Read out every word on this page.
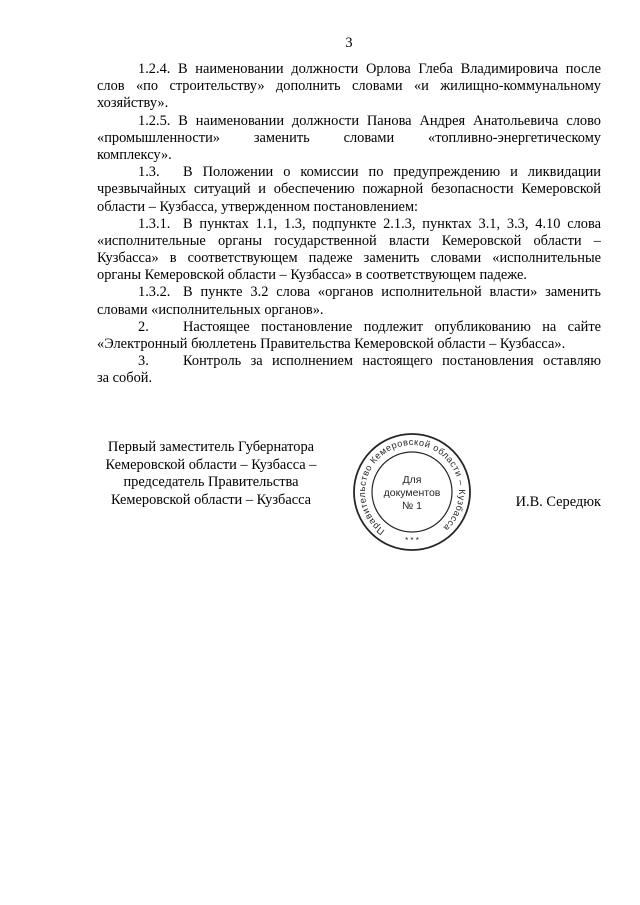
3
1.2.4. В наименовании должности Орлова Глеба Владимировича после
слов «по строительству» дополнить словами «и жилищно-коммунальному
хозяйству».
1.2.5. В наименовании должности Панова Андрея Анатольевича слово
«промышленности» заменить словами «топливно-энергетическому
комплексу».
1.3.	В Положении о комиссии по предупреждению и ликвидации
чрезвычайных ситуаций и обеспечению пожарной безопасности Кемеровской
области – Кузбасса, утвержденном постановлением:
1.3.1. В пунктах 1.1, 1.3, подпункте 2.1.3, пунктах 3.1, 3.3, 4.10 слова
«исполнительные органы государственной власти Кемеровской области –
Кузбасса» в соответствующем падеже заменить словами «исполнительные
органы Кемеровской области – Кузбасса» в соответствующем падеже.
1.3.2. В пункте 3.2 слова «органов исполнительной власти» заменить
словами «исполнительных органов».
2.	Настоящее постановление подлежит опубликованию на сайте
«Электронный бюллетень Правительства Кемеровской области – Кузбасса».
3.	Контроль за исполнением настоящего постановления оставляю
за собой.
Первый заместитель Губернатора
Кемеровской области – Кузбасса –
председатель Правительства
Кемеровской области – Кузбасса
Правительство Кемеровской области – Кузбасса
* * *
Для
документов
№ 1	И.В. Середюк
